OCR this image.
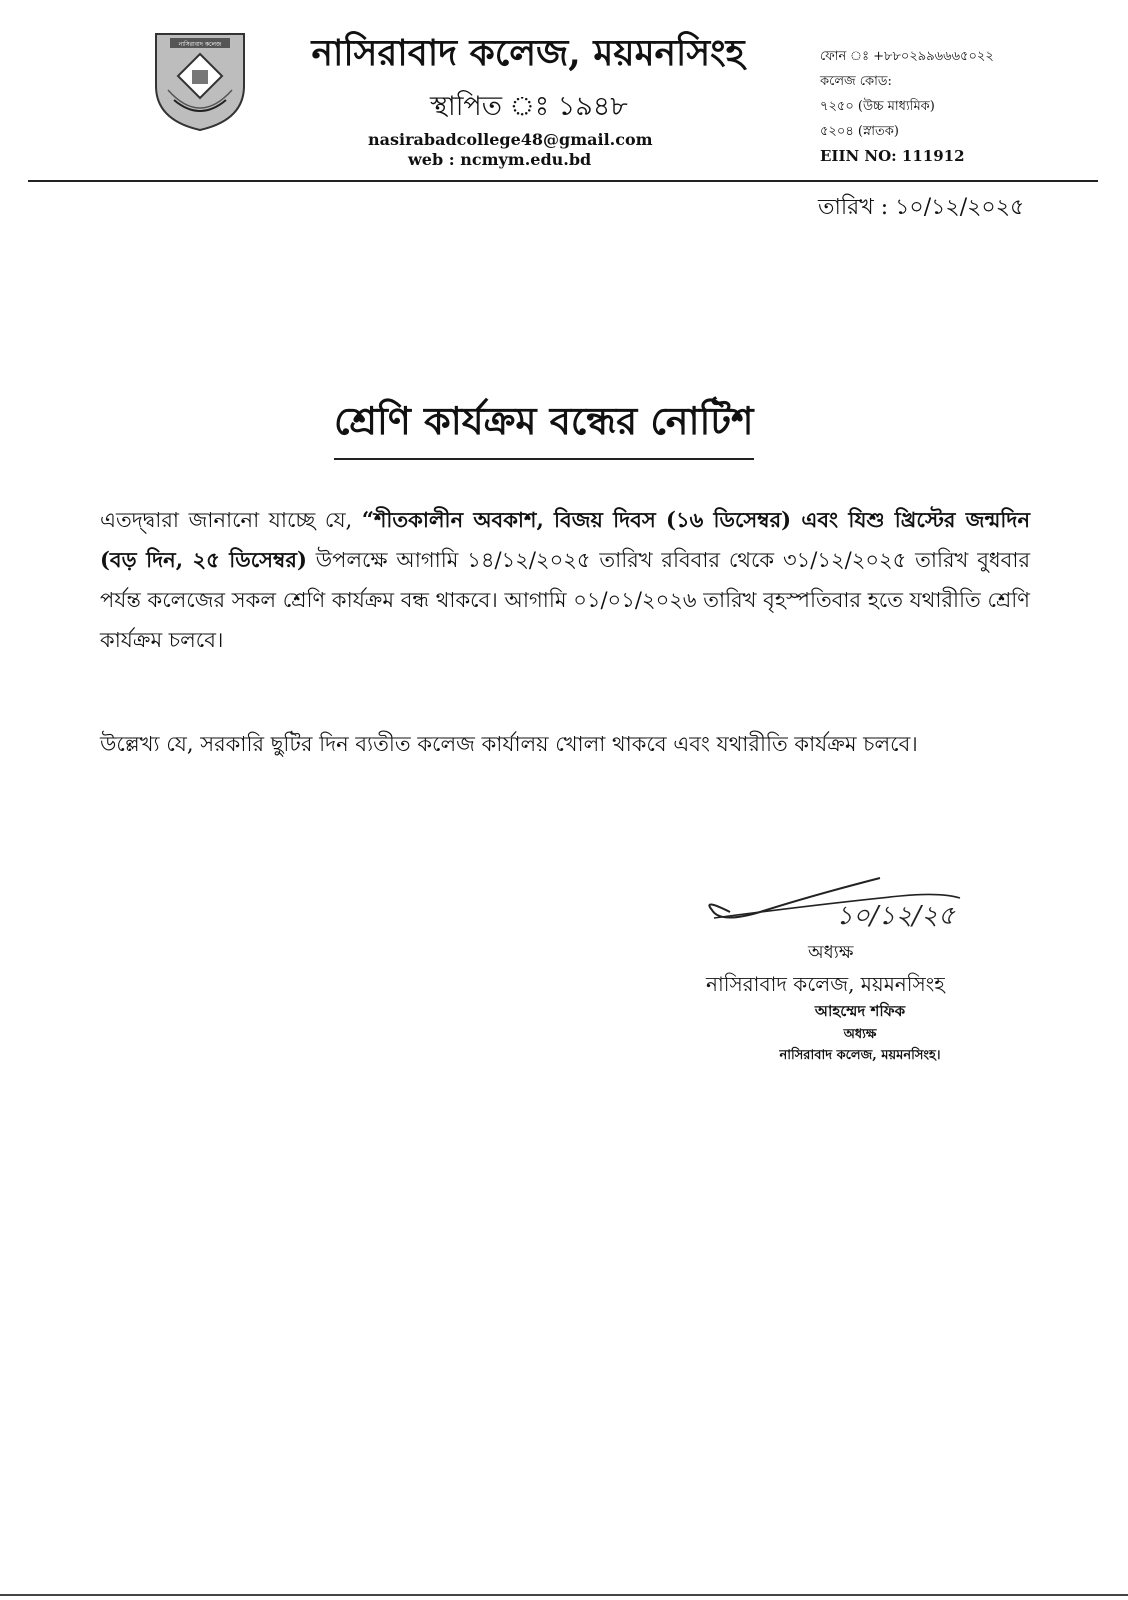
নাসিরাবাদ কলেজ	নাসিরাবাদ কলেজ, ময়মনসিংহ
স্থাপিত ঃ ১৯৪৮
nasirabadcollege48@gmail.com
web : ncmym.edu.bd
ফোন ঃ +৮৮০২৯৯৬৬৬৫০২২
কলেজ কোড:
৭২৫০ (উচ্চ মাধ্যমিক)
৫২০৪ (স্নাতক)
EIIN NO: 111912
তারিখ : ১০/১২/২০২৫
শ্রেণি কার্যক্রম বন্ধের নোটিশ
এতদ্দ্বারা জানানো যাচ্ছে যে, “শীতকালীন অবকাশ, বিজয় দিবস (১৬ ডিসেম্বর) এবং যিশু খ্রিস্টের জন্মদিন (বড় দিন, ২৫ ডিসেম্বর) উপলক্ষে আগামি ১৪/১২/২০২৫ তারিখ রবিবার থেকে ৩১/১২/২০২৫ তারিখ বুধবার পর্যন্ত কলেজের সকল শ্রেণি কার্যক্রম বন্ধ থাকবে। আগামি ০১/০১/২০২৬ তারিখ বৃহস্পতিবার হতে যথারীতি শ্রেণি কার্যক্রম চলবে।
উল্লেখ্য যে, সরকারি ছুটির দিন ব্যতীত কলেজ কার্যালয় খোলা থাকবে এবং যথারীতি কার্যক্রম চলবে।
১০/১২/২৫
অধ্যক্ষ
নাসিরাবাদ কলেজ, ময়মনসিংহ
আহম্মেদ শফিক
অধ্যক্ষ
নাসিরাবাদ কলেজ, ময়মনসিংহ।
